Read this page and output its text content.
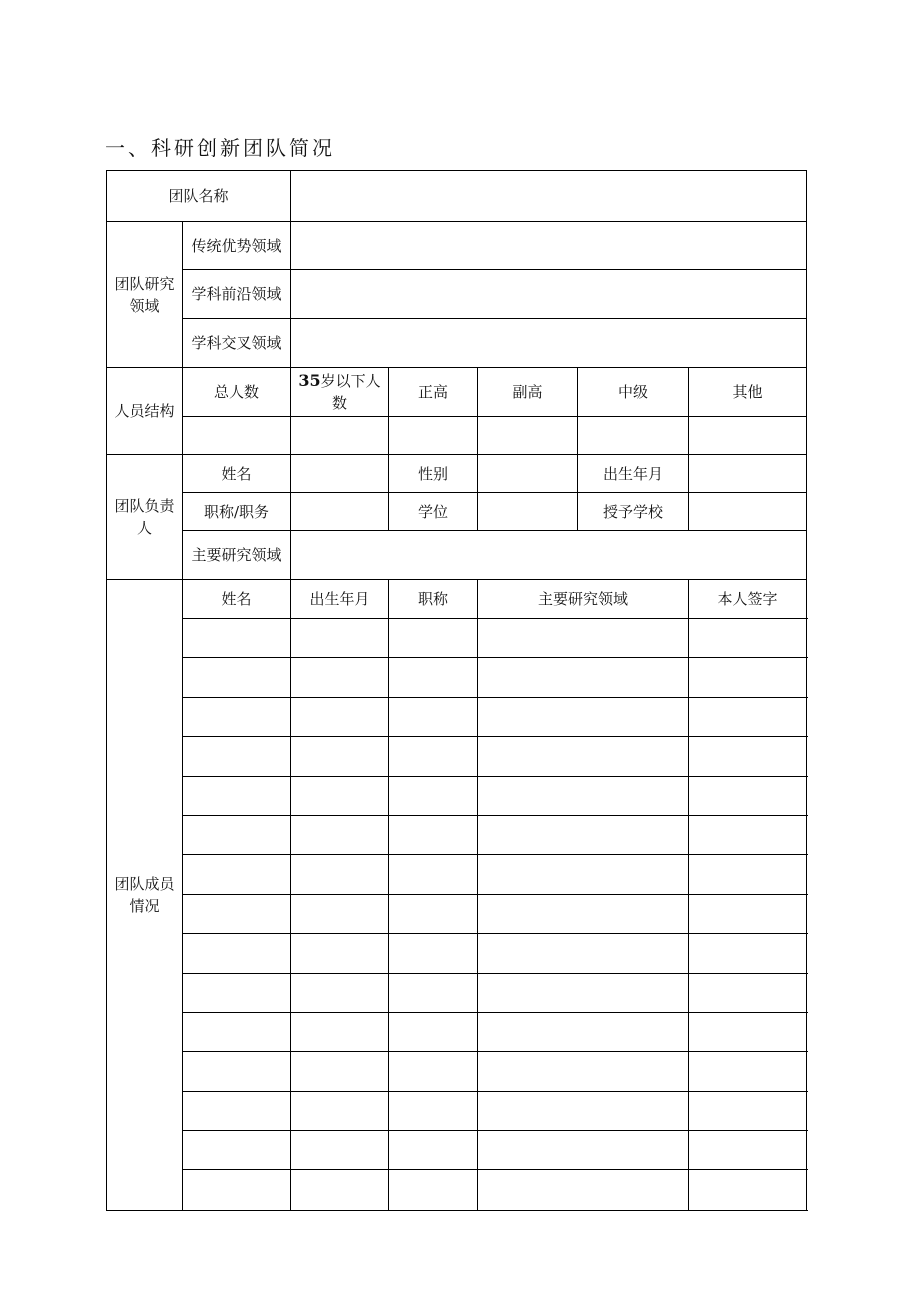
一、科研创新团队简况
团队名称						
团队研究领域	传统优势领域					
	学科前沿领域					
	学科交叉领域					
人员结构	总人数	35岁以下人数	正高	副高	中级	其他

团队负责人	姓名		性别		出生年月	
	职称/职务		学位		授予学校	
	主要研究领域					
团队成员情况	姓名	出生年月	职称	主要研究领域		本人签字
